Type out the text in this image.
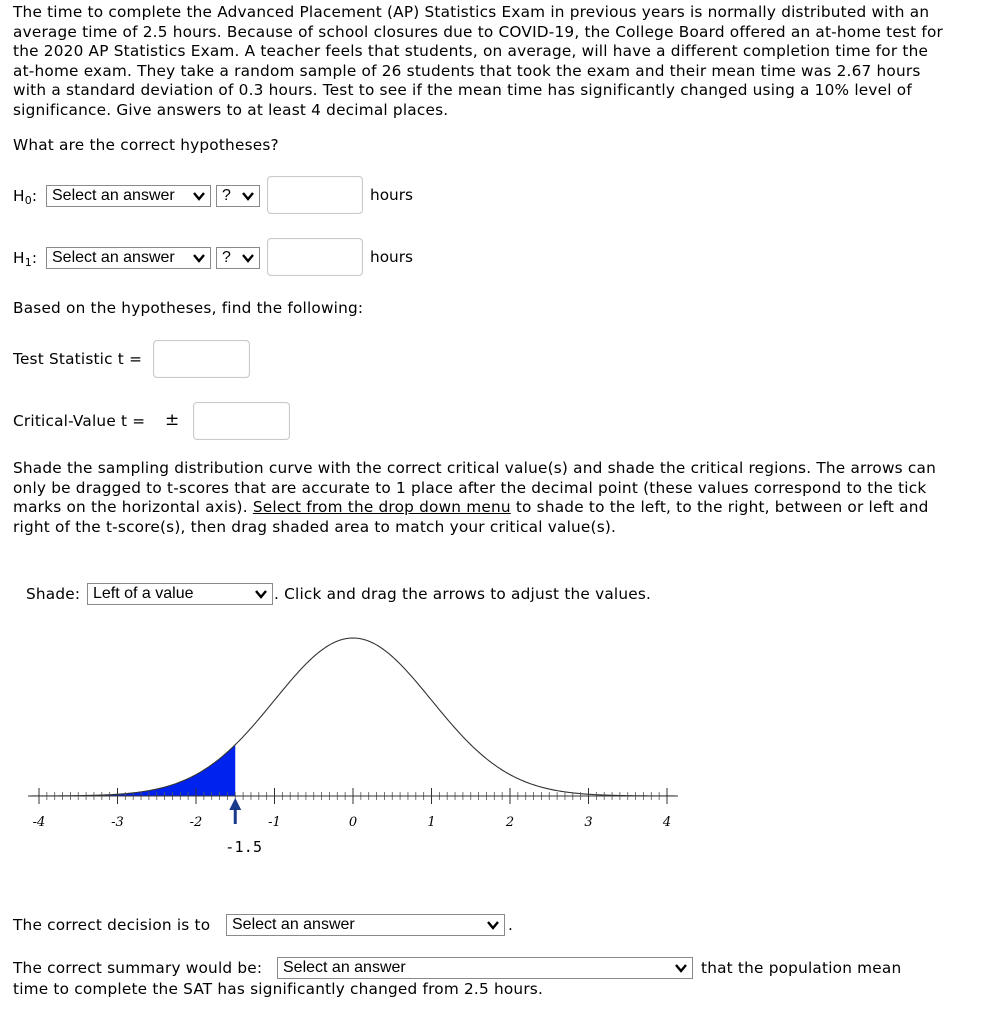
The time to complete the Advanced Placement (AP) Statistics Exam in previous years is normally distributed with an average time of 2.5 hours. Because of school closures due to COVID-19, the College Board offered an at-home test for the 2020 AP Statistics Exam. A teacher feels that students, on average, will have a different completion time for the at-home exam. They take a random sample of 26 students that took the exam and their mean time was 2.67 hours with a standard deviation of 0.3 hours. Test to see if the mean time has significantly changed using a 10% level of significance. Give answers to at least 4 decimal places.
What are the correct hypotheses?
$H_0$: Select an answer	?	hours
$H_1$: Select an answer	?	hours
Based on the hypotheses, find the following:
Test Statistic t =
Critical-Value t = ±
Shade the sampling distribution curve with the correct critical value(s) and shade the critical regions. The arrows can only be dragged to t-scores that are accurate to 1 place after the decimal point (these values correspond to the tick marks on the horizontal axis). Select from the drop down menu to shade to the left, to the right, between or left and right of the t-score(s), then drag shaded area to match your critical value(s).
Shade: Left of a value	. Click and drag the arrows to adjust the values.
-4	-3	-2	-1	0	1	2	3	4
-1.5
The correct decision is to	Select an answer	.
The correct summary would be:	Select an answer	that the population mean
time to complete the SAT has significantly changed from 2.5 hours.
